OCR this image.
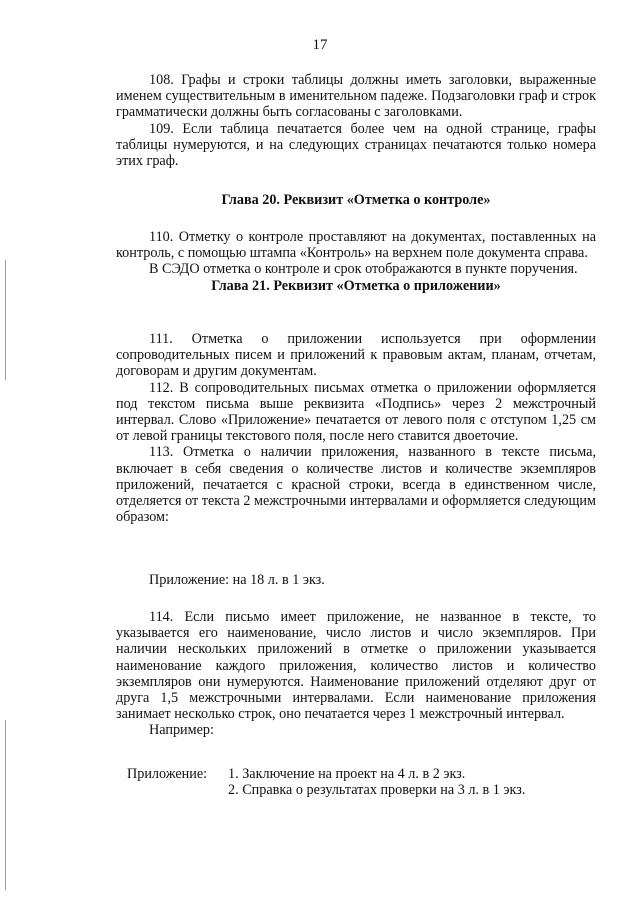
17

108. Графы и строки таблицы должны иметь заголовки, выраженные именем существительным в именительном падеже. Подзаголовки граф и строк грамматически должны быть согласованы с заголовками.

109. Если таблица печатается более чем на одной странице, графы таблицы нумеруются, и на следующих страницах печатаются только номера этих граф.

Глава 20. Реквизит «Отметка о контроле»

110. Отметку о контроле проставляют на документах, поставленных на контроль, с помощью штампа «Контроль» на верхнем поле документа справа.

В СЭДО отметка о контроле и срок отображаются в пункте поручения.

Глава 21. Реквизит «Отметка о приложении»

111. Отметка о приложении используется при оформлении сопроводительных писем и приложений к правовым актам, планам, отчетам, договорам и другим документам.

112. В сопроводительных письмах отметка о приложении оформляется под текстом письма выше реквизита «Подпись» через 2 межстрочный интервал. Слово «Приложение» печатается от левого поля с отступом 1,25 см от левой границы текстового поля, после него ставится двоеточие.

113. Отметка о наличии приложения, названного в тексте письма, включает в себя сведения о количестве листов и количестве экземпляров приложений, печатается с красной строки, всегда в единственном числе, отделяется от текста 2 межстрочными интервалами и оформляется следующим образом:

Приложение: на 18 л. в 1 экз.

114. Если письмо имеет приложение, не названное в тексте, то указывается его наименование, число листов и число экземпляров. При наличии нескольких приложений в отметке о приложении указывается наименование каждого приложения, количество листов и количество экземпляров они нумеруются. Наименование приложений отделяют друг от друга 1,5 межстрочными интервалами. Если наименование приложения занимает несколько строк, оно печатается через 1 межстрочный интервал.

Например:

Приложение: 1. Заключение на проект на 4 л. в 2 экз.
2. Справка о результатах проверки на 3 л. в 1 экз.
